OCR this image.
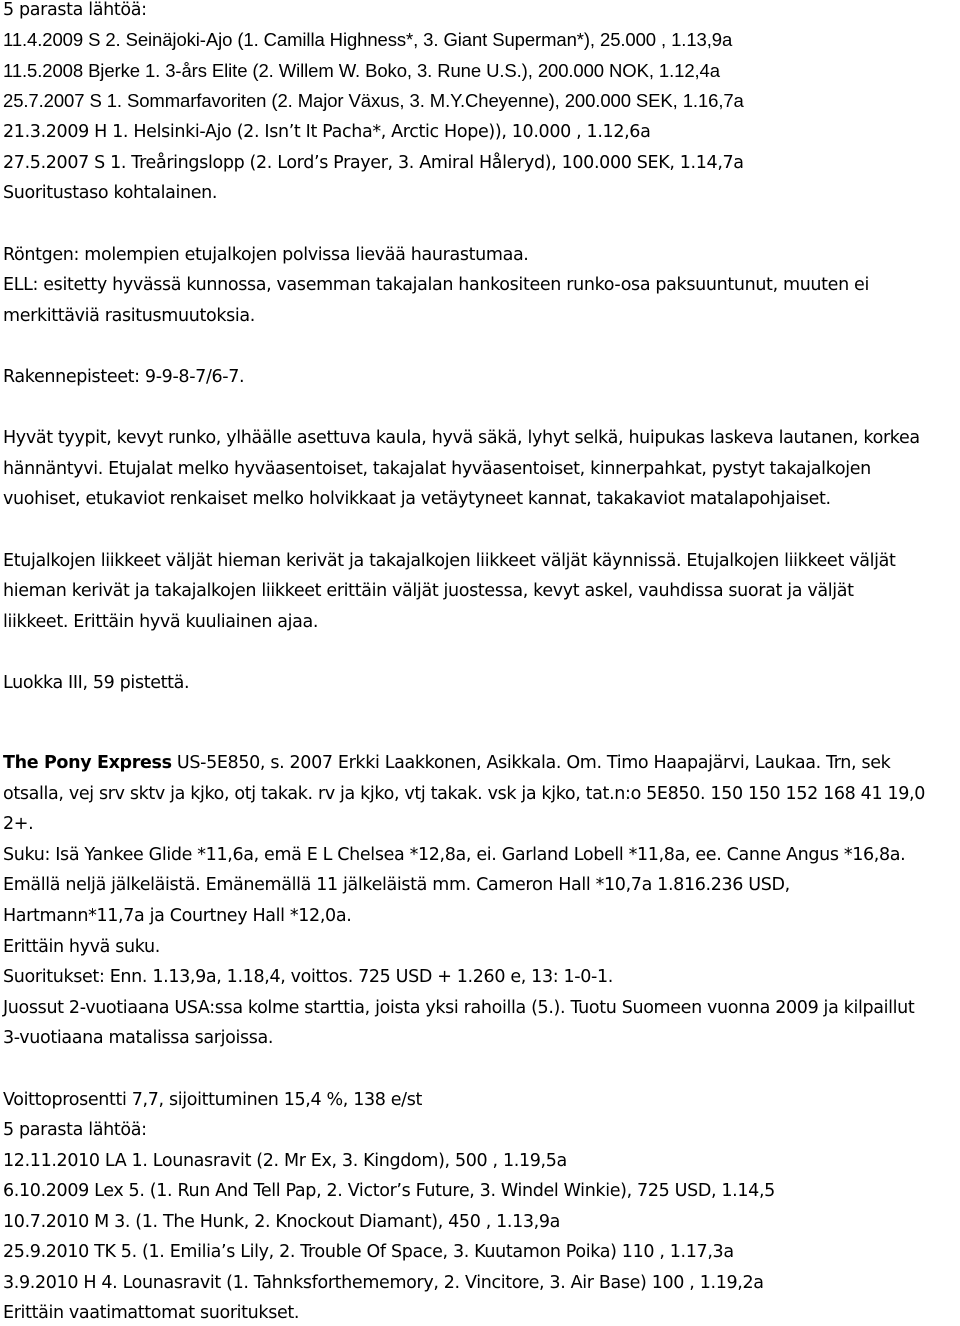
5 parasta lähtöä:
11.4.2009 S 2. Seinäjoki-Ajo (1. Camilla Highness*, 3. Giant Superman*), 25.000 , 1.13,9a
11.5.2008 Bjerke 1. 3-års Elite (2. Willem W. Boko, 3. Rune U.S.), 200.000 NOK, 1.12,4a
25.7.2007 S 1. Sommarfavoriten (2. Major Växus, 3. M.Y.Cheyenne), 200.000 SEK, 1.16,7a
21.3.2009 H 1. Helsinki-Ajo (2. Isn’t It Pacha*, Arctic Hope)), 10.000 , 1.12,6a
27.5.2007 S 1. Treåringslopp (2. Lord’s Prayer, 3. Amiral Håleryd), 100.000 SEK, 1.14,7a
Suoritustaso kohtalainen.
Röntgen: molempien etujalkojen polvissa lievää haurastumaa.
ELL: esitetty hyvässä kunnossa, vasemman takajalan hankositeen runko-osa paksuuntunut, muuten ei
merkittäviä rasitusmuutoksia.
Rakennepisteet: 9-9-8-7/6-7.
Hyvät tyypit, kevyt runko, ylhäälle asettuva kaula, hyvä säkä, lyhyt selkä, huipukas laskeva lautanen, korkea
hännäntyvi. Etujalat melko hyväasentoiset, takajalat hyväasentoiset, kinnerpahkat, pystyt takajalkojen
vuohiset, etukaviot renkaiset melko holvikkaat ja vetäytyneet kannat, takakaviot matalapohjaiset.
Etujalkojen liikkeet väljät hieman kerivät ja takajalkojen liikkeet väljät käynnissä. Etujalkojen liikkeet väljät
hieman kerivät ja takajalkojen liikkeet erittäin väljät juostessa, kevyt askel, vauhdissa suorat ja väljät
liikkeet. Erittäin hyvä kuuliainen ajaa.
Luokka III, 59 pistettä.
The Pony Express US-5E850, s. 2007 Erkki Laakkonen, Asikkala. Om. Timo Haapajärvi, Laukaa. Trn, sek
otsalla, vej srv sktv ja kjko, otj takak. rv ja kjko, vtj takak. vsk ja kjko, tat.n:o 5E850. 150 150 152 168 41 19,0
2+.
Suku: Isä Yankee Glide *11,6a, emä E L Chelsea *12,8a, ei. Garland Lobell *11,8a, ee. Canne Angus *16,8a.
Emällä neljä jälkeläistä. Emänemällä 11 jälkeläistä mm. Cameron Hall *10,7a 1.816.236 USD,
Hartmann*11,7a ja Courtney Hall *12,0a.
Erittäin hyvä suku.
Suoritukset: Enn. 1.13,9a, 1.18,4, voittos. 725 USD + 1.260 e, 13: 1-0-1.
Juossut 2-vuotiaana USA:ssa kolme starttia, joista yksi rahoilla (5.). Tuotu Suomeen vuonna 2009 ja kilpaillut
3-vuotiaana matalissa sarjoissa.
Voittoprosentti 7,7, sijoittuminen 15,4 %, 138 e/st
5 parasta lähtöä:
12.11.2010 LA 1. Lounasravit (2. Mr Ex, 3. Kingdom), 500 , 1.19,5a
6.10.2009 Lex 5. (1. Run And Tell Pap, 2. Victor’s Future, 3. Windel Winkie), 725 USD, 1.14,5
10.7.2010 M 3. (1. The Hunk, 2. Knockout Diamant), 450 , 1.13,9a
25.9.2010 TK 5. (1. Emilia’s Lily, 2. Trouble Of Space, 3. Kuutamon Poika) 110 , 1.17,3a
3.9.2010 H 4. Lounasravit (1. Tahnksforthememory, 2. Vincitore, 3. Air Base) 100 , 1.19,2a
Erittäin vaatimattomat suoritukset.
